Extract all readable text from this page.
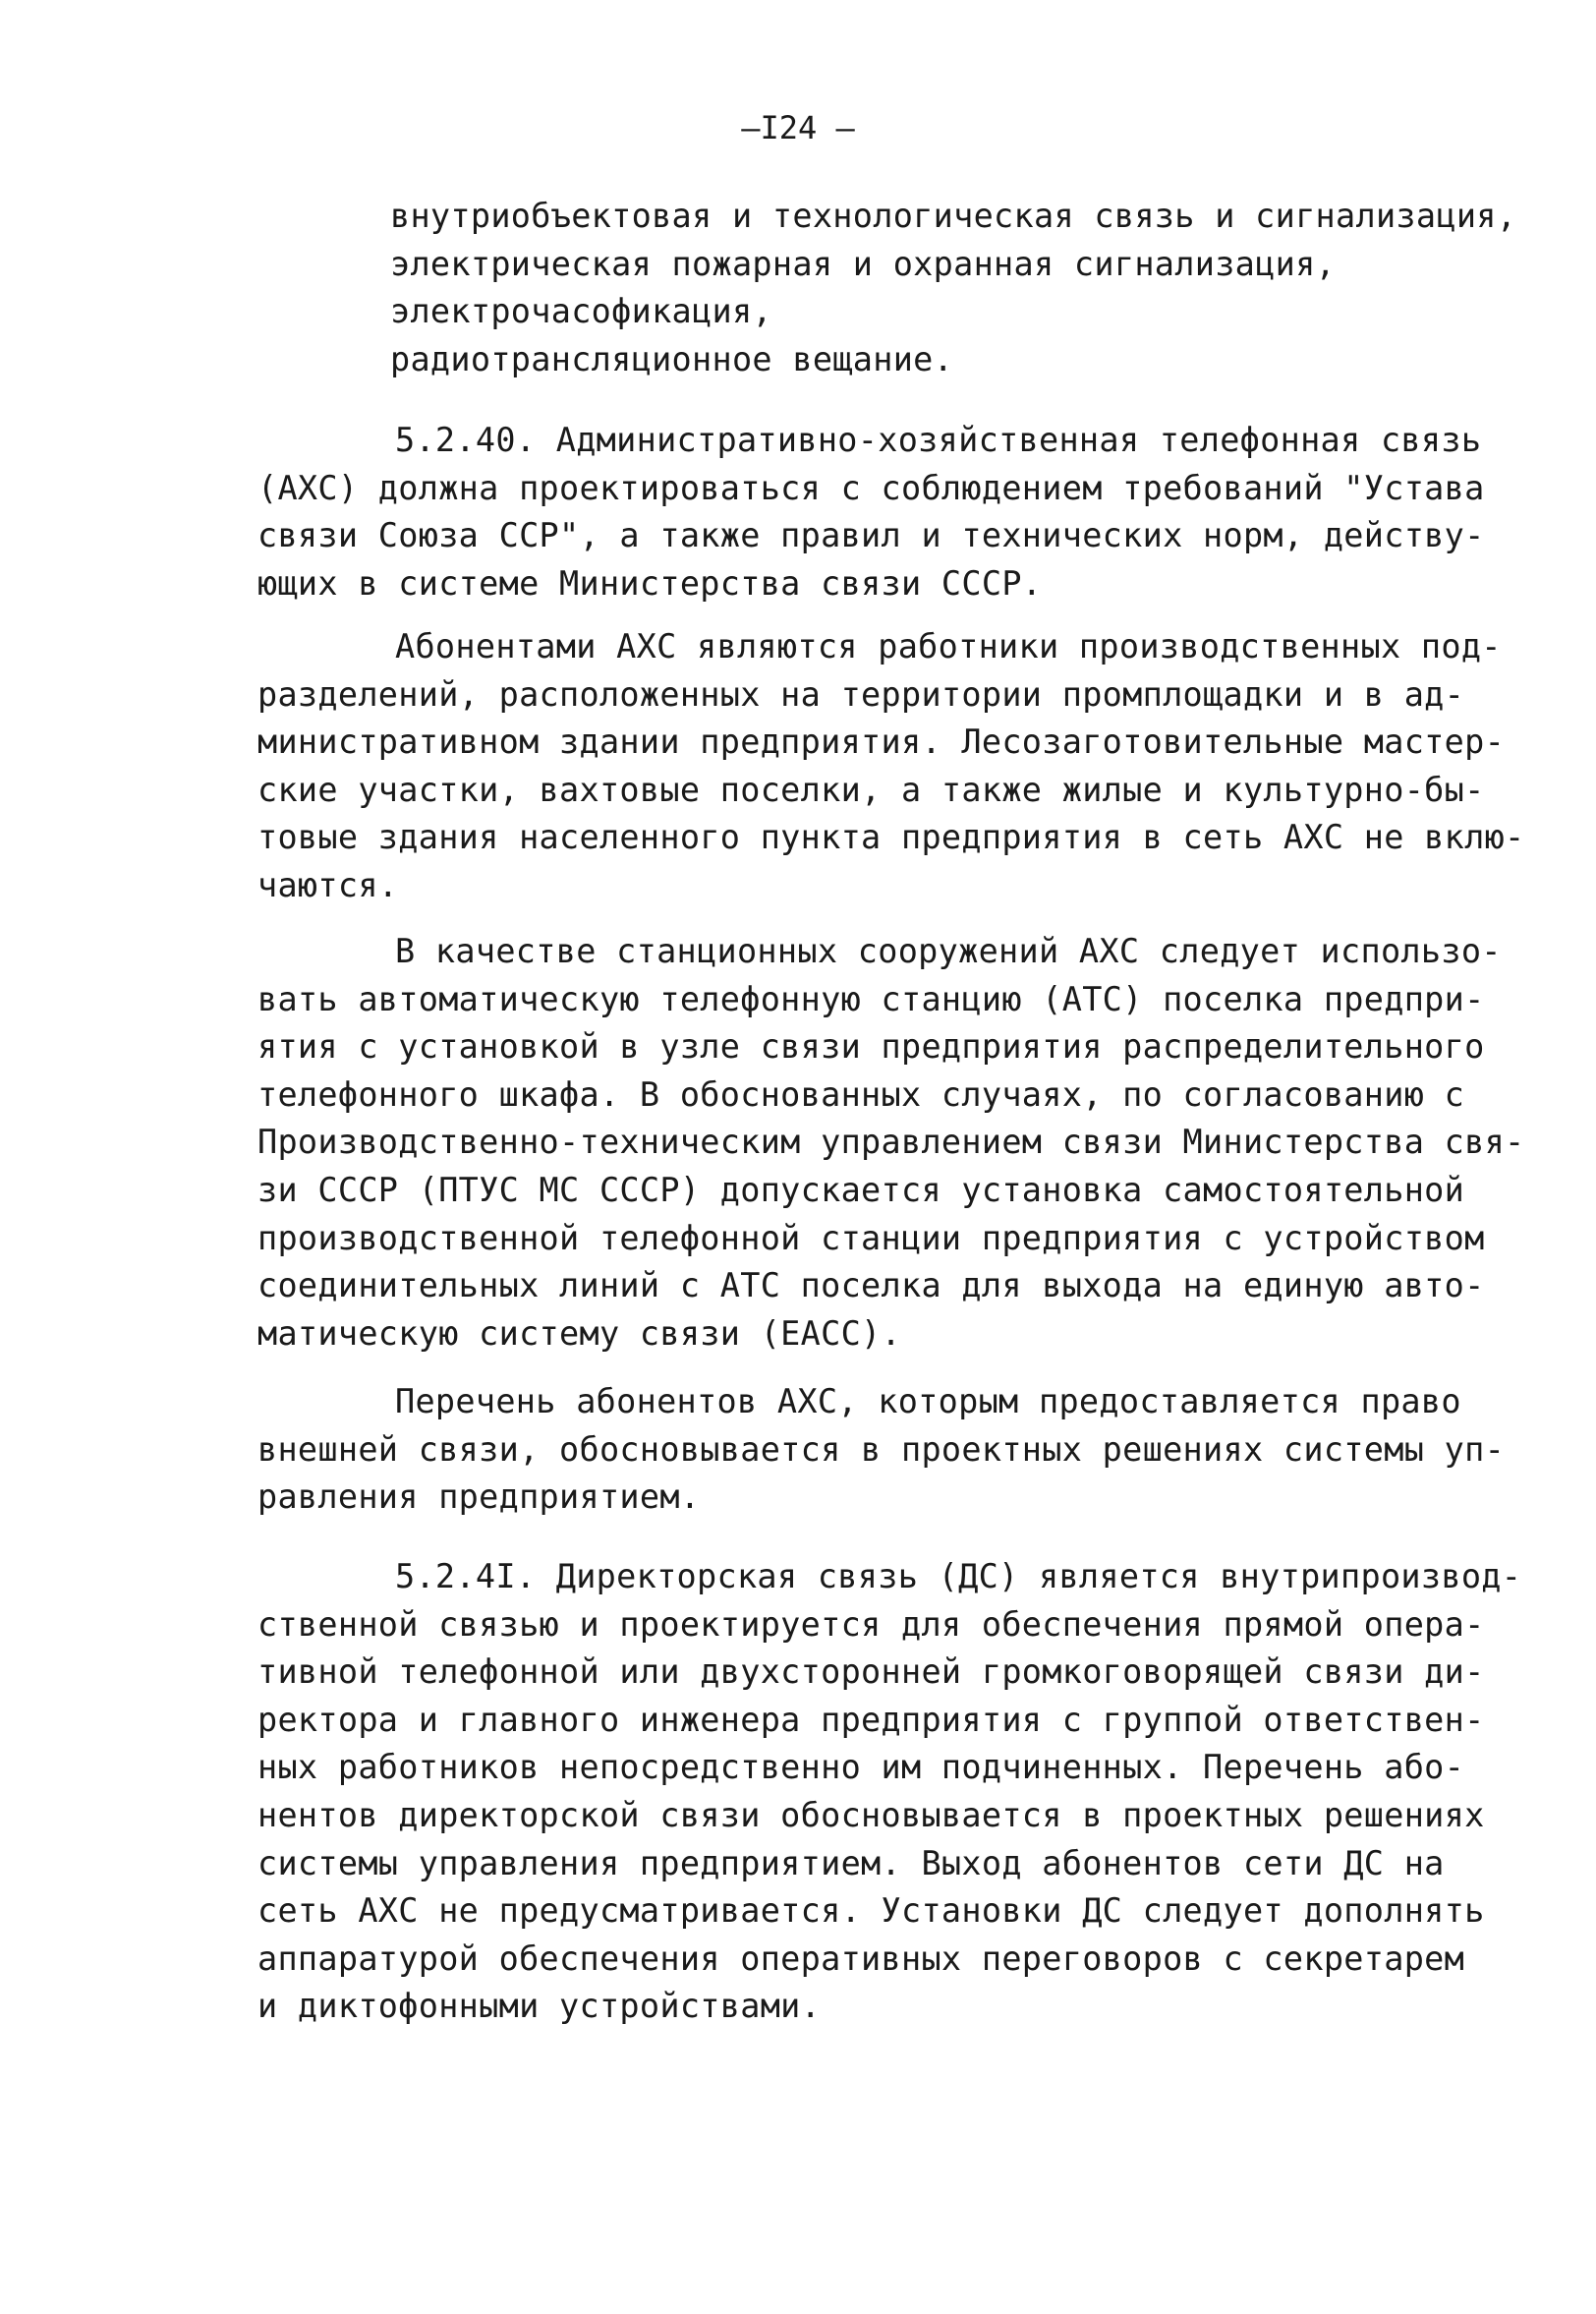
—I24 —
внутриобъектовая и технологическая связь и сигнализация,
электрическая пожарная и охранная сигнализация,
электрочасофикация,
радиотрансляционное вещание.
5.2.40. Административно-хозяйственная телефонная связь
(АХС) должна проектироваться с соблюдением требований "Устава
связи Союза ССР", а также правил и технических норм, действу-
ющих в системе Министерства связи СССР.
Абонентами АХС являются работники производственных под-
разделений, расположенных на территории промплощадки и в ад-
министративном здании предприятия. Лесозаготовительные мастер-
ские участки, вахтовые поселки, а также жилые и культурно-бы-
товые здания населенного пункта предприятия в сеть АХС не вклю-
чаются.
В качестве станционных сооружений АХС следует использо-
вать автоматическую телефонную станцию (АТС) поселка предпри-
ятия с установкой в узле связи предприятия распределительного
телефонного шкафа. В обоснованных случаях, по согласованию с
Производственно-техническим управлением связи Министерства свя-
зи СССР (ПТУС МС СССР) допускается установка самостоятельной
производственной телефонной станции предприятия с устройством
соединительных линий с АТС поселка для выхода на единую авто-
матическую систему связи (ЕАСС).
Перечень абонентов АХС, которым предоставляется право
внешней связи, обосновывается в проектных решениях системы уп-
равления предприятием.
5.2.4I. Директорская связь (ДС) является внутрипроизвод-
ственной связью и проектируется для обеспечения прямой опера-
тивной телефонной или двухсторонней громкоговорящей связи ди-
ректора и главного инженера предприятия с группой ответствен-
ных работников непосредственно им подчиненных. Перечень або-
нентов директорской связи обосновывается в проектных решениях
системы управления предприятием. Выход абонентов сети ДС на
сеть АХС не предусматривается. Установки ДС следует дополнять
аппаратурой обеспечения оперативных переговоров с секретарем
и диктофонными устройствами.
